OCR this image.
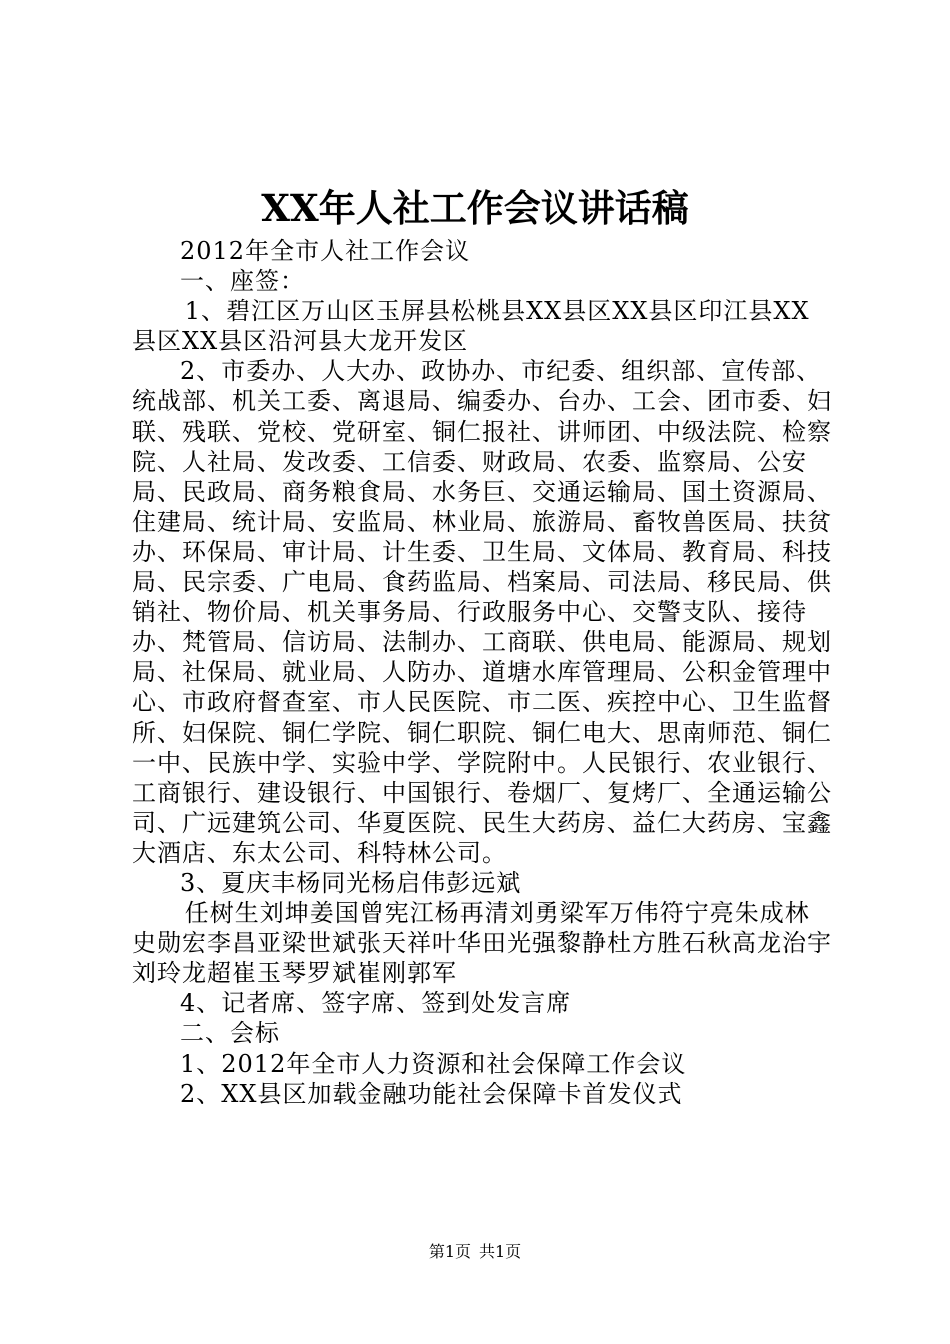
XX年人社工作会议讲话稿

2012年全市人社工作会议

一、座签：

1、碧江区万山区玉屏县松桃县XX县区XX县区印江县XX县区XX县区沿河县大龙开发区

2、市委办、人大办、政协办、市纪委、组织部、宣传部、统战部、机关工委、离退局、编委办、台办、工会、团市委、妇联、残联、党校、党研室、铜仁报社、讲师团、中级法院、检察院、人社局、发改委、工信委、财政局、农委、监察局、公安局、民政局、商务粮食局、水务巨、交通运输局、国土资源局、住建局、统计局、安监局、林业局、旅游局、畜牧兽医局、扶贫办、环保局、审计局、计生委、卫生局、文体局、教育局、科技局、民宗委、广电局、食药监局、档案局、司法局、移民局、供销社、物价局、机关事务局、行政服务中心、交警支队、接待办、梵管局、信访局、法制办、工商联、供电局、能源局、规划局、社保局、就业局、人防办、道塘水库管理局、公积金管理中心、市政府督查室、市人民医院、市二医、疾控中心、卫生监督所、妇保院、铜仁学院、铜仁职院、铜仁电大、思南师范、铜仁一中、民族中学、实验中学、学院附中。人民银行、农业银行、工商银行、建设银行、中国银行、卷烟厂、复烤厂、全通运输公司、广远建筑公司、华夏医院、民生大药房、益仁大药房、宝鑫大酒店、东太公司、科特林公司。

3、夏庆丰杨同光杨启伟彭远斌

任树生刘坤姜国曾宪江杨再清刘勇梁军万伟符宁亮朱成林史勋宏李昌亚梁世斌张天祥叶华田光强黎静杜方胜石秋高龙治宇刘玲龙超崔玉琴罗斌崔刚郭军

4、记者席、签字席、签到处发言席

二、会标

1、2012年全市人力资源和社会保障工作会议

2、XX县区加载金融功能社会保障卡首发仪式

第1页 共1页
